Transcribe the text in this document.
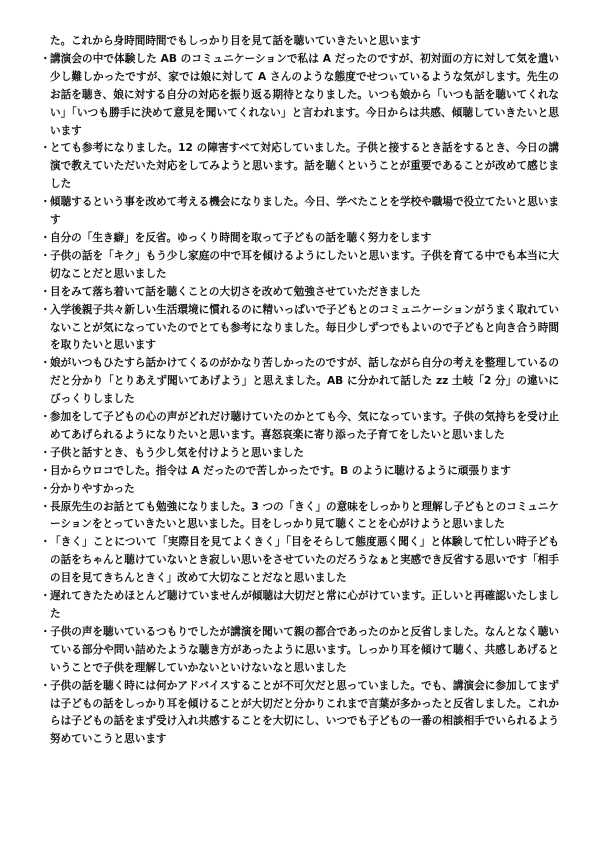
た。これから身時間時間でもしっかり目を見て話を聴いていきたいと思います
・ 講演会の中で体験した AB のコミュニケーションで私は A だったのですが、初対面の方に対して気を遣い少し難しかったですが、家では娘に対して A さんのような態度でせつぃているような気がします。先生のお話を聴き、娘に対する自分の対応を振り返る期待となりました。いつも娘から「いつも話を聴いてくれない」「いつも勝手に決めて意見を聞いてくれない」と言われます。今日からは共感、傾聴していきたいと思います
・ とても参考になりました。12 の障害すべて対応していました。子供と接するとき話をするとき、今日の講演で教えていただいた対応をしてみようと思います。話を聴くということが重要であることが改めて感じました
・ 傾聴するという事を改めて考える機会になりました。今日、学べたことを学校や職場で役立てたいと思います
・ 自分の「生き癖」を反省。ゆっくり時間を取って子どもの話を聴く努力をします
・ 子供の話を「キク」もう少し家庭の中で耳を傾けるようにしたいと思います。子供を育てる中でも本当に大切なことだと思いました
・ 目をみて落ち着いて話を聴くことの大切さを改めて勉強させていただきました
・ 入学後親子共々新しい生活環境に慣れるのに精いっぱいで子どもとのコミュニケーションがうまく取れていないことが気になっていたのでとても参考になりました。毎日少しずつでもよいので子どもと向き合う時間を取りたいと思います
・ 娘がいつもひたすら話かけてくるのがかなり苦しかったのですが、話しながら自分の考えを整理しているのだと分かり「とりあえず聞いてあげよう」と思えました。AB に分かれて話した zz 土岐「2 分」の違いにびっくりしました
・ 参加をして子どもの心の声がどれだけ聴けていたのかとても今、気になっています。子供の気持ちを受け止めてあげられるようになりたいと思います。喜怒哀楽に寄り添った子育てをしたいと思いました
・ 子供と話すとき、もう少し気を付けようと思いました
・ 目からウロコでした。指令は A だったので苦しかったです。B のように聴けるように頑張ります
・ 分かりやすかった
・ 長原先生のお話とても勉強になりました。3 つの「きく」の意味をしっかりと理解し子どもとのコミュニケーションをとっていきたいと思いました。目をしっかり見て聴くことを心がけようと思いました
・ 「きく」ことについて「実際目を見てよくきく」「目をそらして態度悪く聞く」と体験して忙しい時子どもの話をちゃんと聴けていないとき寂しい思いをさせていたのだろうなぁと実感でき反省する思いです「相手の目を見てきちんときく」改めて大切なことだなと思いました
・ 遅れてきたためほとんど聴けていませんが傾聴は大切だと常に心がけています。正しいと再確認いたしました
・ 子供の声を聴いているつもりでしたが講演を聞いて親の都合であったのかと反省しました。なんとなく聴いている部分や問い詰めたような聴き方があったように思います。しっかり耳を傾けて聴く、共感しあげるということで子供を理解していかないといけないなと思いました
・ 子供の話を聴く時には何かアドバイスすることが不可欠だと思っていました。でも、講演会に参加してまずは子どもの話をしっかり耳を傾けることが大切だと分かりこれまで言葉が多かったと反省しました。これからは子どもの話をまず受け入れ共感することを大切にし、いつでも子どもの一番の相談相手でいられるよう努めていこうと思います
